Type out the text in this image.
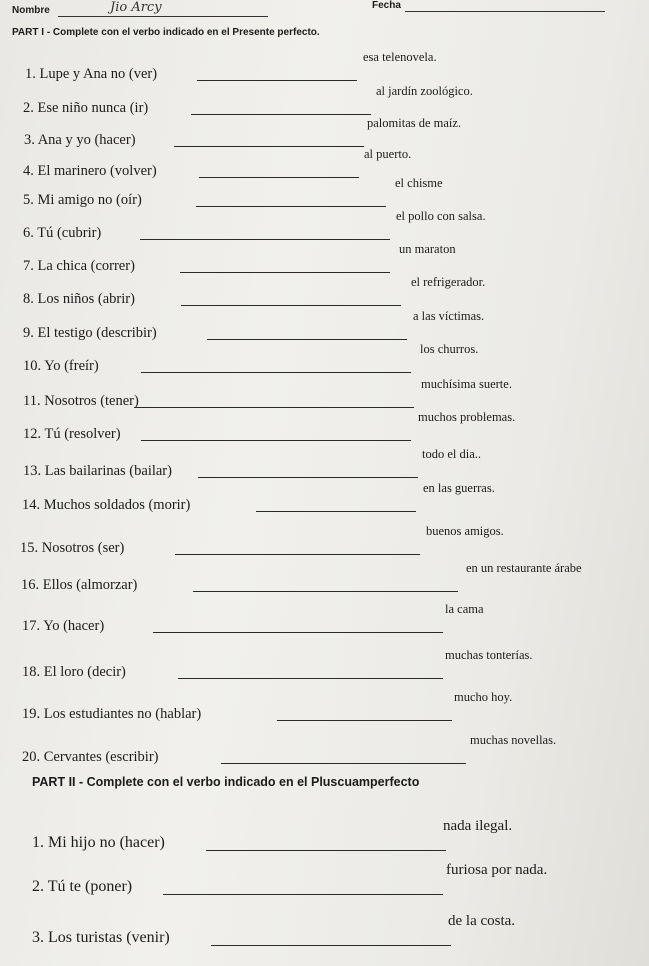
Nombre	Jio Arcy	Fecha
PART I - Complete con el verbo indicado en el Presente perfecto.
1. Lupe y Ana no (ver)
esa telenovela.
2. Ese niño nunca (ir)
al jardín zoológico.
3. Ana y yo (hacer)
palomitas de maíz.
4. El marinero (volver)
al puerto.
5. Mi amigo no (oír)
el chisme
6. Tú (cubrir)
el pollo con salsa.
7. La chica (correr)
un maraton
8. Los niños (abrir)
el refrigerador.
9. El testigo (describir)
a las víctimas.
10. Yo (freír)
los churros.
11. Nosotros (tener)
muchísima suerte.
12. Tú (resolver)
muchos problemas.
13. Las bailarinas (bailar)
todo el dia..
14. Muchos soldados (morir)
en las guerras.
15. Nosotros (ser)
buenos amigos.
16. Ellos (almorzar)
en un restaurante árabe
17. Yo (hacer)
la cama
18. El loro (decir)
muchas tonterías.
19. Los estudiantes no (hablar)
mucho hoy.
20. Cervantes (escribir)
muchas novellas.
PART II - Complete con el verbo indicado en el Pluscuamperfecto
1. Mi hijo no (hacer)
nada ilegal.
2. Tú te (poner)
furiosa por nada.
3. Los turistas (venir)
de la costa.
